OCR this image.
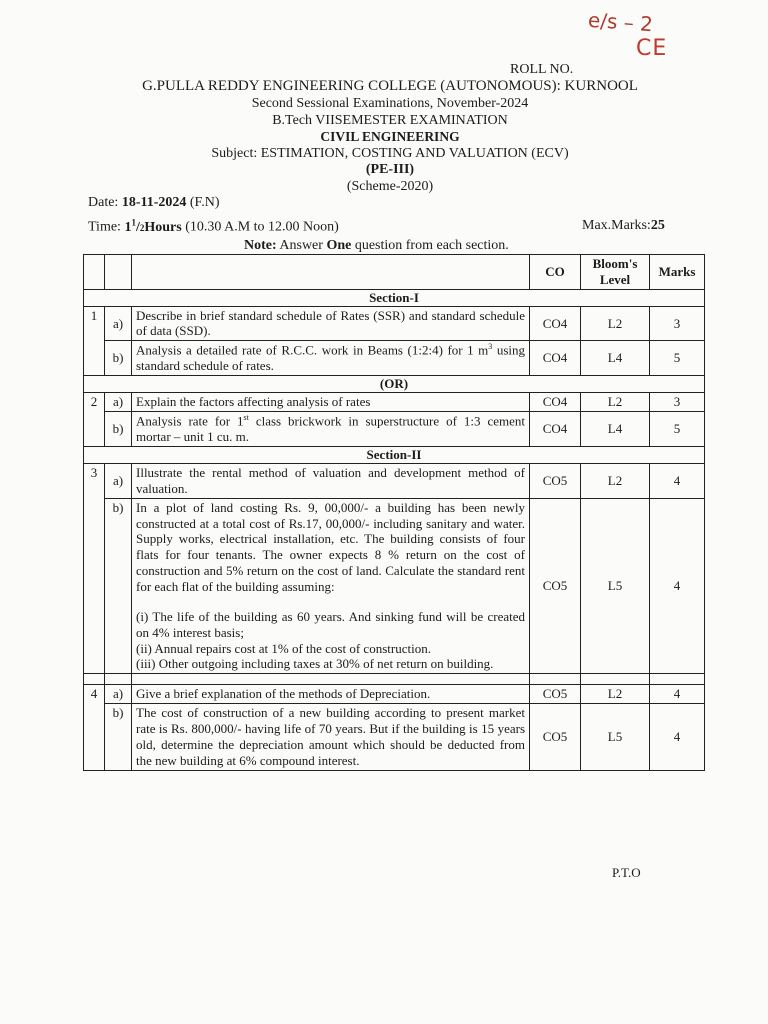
e/s – 2
CE
ROLL NO.
G.PULLA REDDY ENGINEERING COLLEGE (AUTONOMOUS): KURNOOL
Second Sessional Examinations, November-2024
B.Tech VIISEMESTER EXAMINATION
CIVIL ENGINEERING
Subject: ESTIMATION, COSTING AND VALUATION (ECV)
(PE-III)
(Scheme-2020)
Date: 18-11-2024 (F.N)
Time: $1^1/2Hours$ (10.30 A.M to 12.00 Noon)	Max.Marks:25
Note: Answer One question from each section.
			CO	Bloom's Level	Marks
Section-I					
1	a)	Describe in brief standard schedule of Rates (SSR) and standard schedule of data (SSD).	CO4	L2	3
	b)	Analysis a detailed rate of R.C.C. work in Beams (1:2:4) for 1 $m^3$ using standard schedule of rates.	CO4	L4	5
(OR)					
2	a)	Explain the factors affecting analysis of rates	CO4	L2	3
	b)	Analysis rate for 1st class brickwork in superstructure of 1:3 cement mortar – unit 1 cu. m.	CO4	L4	5
Section-II					
3	a)	Illustrate the rental method of valuation and development method of valuation.	CO5	L2	4
	b)	In a plot of land costing Rs. 9, 00,000/- a building has been newly constructed at a total cost of Rs.17, 00,000/- including sanitary and water. Supply works, electrical installation, etc. The building consists of four flats for four tenants. The owner expects 8 % return on the cost of construction and 5% return on the cost of land. Calculate the standard rent for each flat of the building assuming:
(i) The life of the building as 60 years. And sinking fund will be created on 4% interest basis;
(ii) Annual repairs cost at 1% of the cost of construction.
(iii) Other outgoing including taxes at 30% of net return on building.	CO5	L5	4

4	a)	Give a brief explanation of the methods of Depreciation.	CO5	L2	4
	b)	The cost of construction of a new building according to present market rate is Rs. 800,000/- having life of 70 years. But if the building is 15 years old, determine the depreciation amount which should be deducted from the new building at 6% compound interest.	CO5	L5	4
P.T.O
